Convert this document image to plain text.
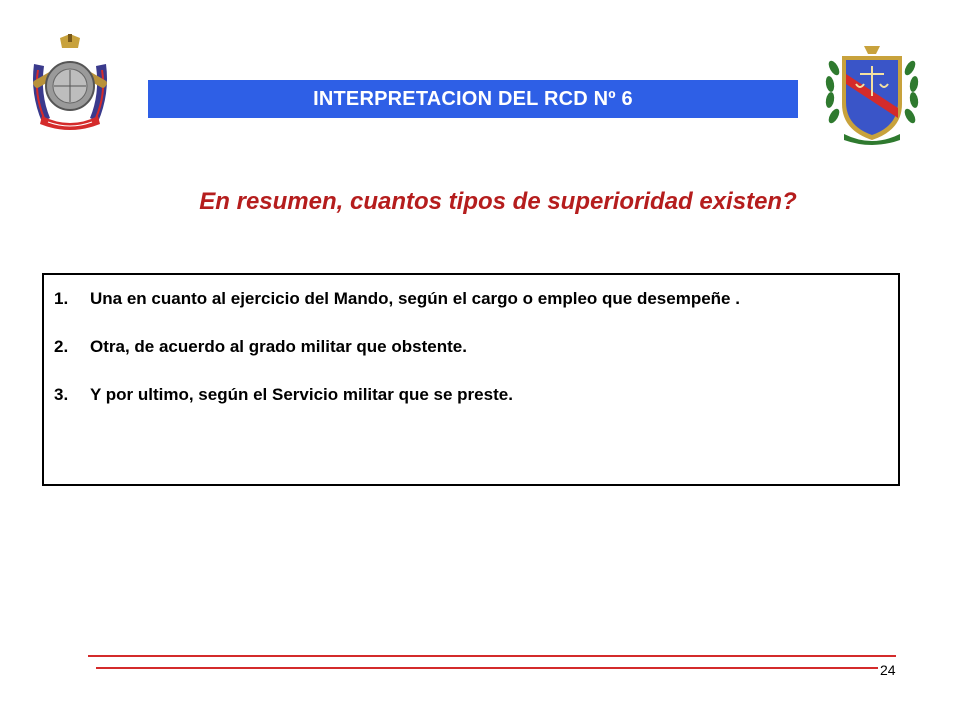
INTERPRETACION DEL RCD Nº 6
En resumen, cuantos tipos de superioridad existen?
1.	Una en cuanto al ejercicio del Mando, según el cargo o empleo que desempeñe .
2.	Otra, de acuerdo al grado militar que obstente.
3.	Y por ultimo, según el Servicio militar que se preste.
24
